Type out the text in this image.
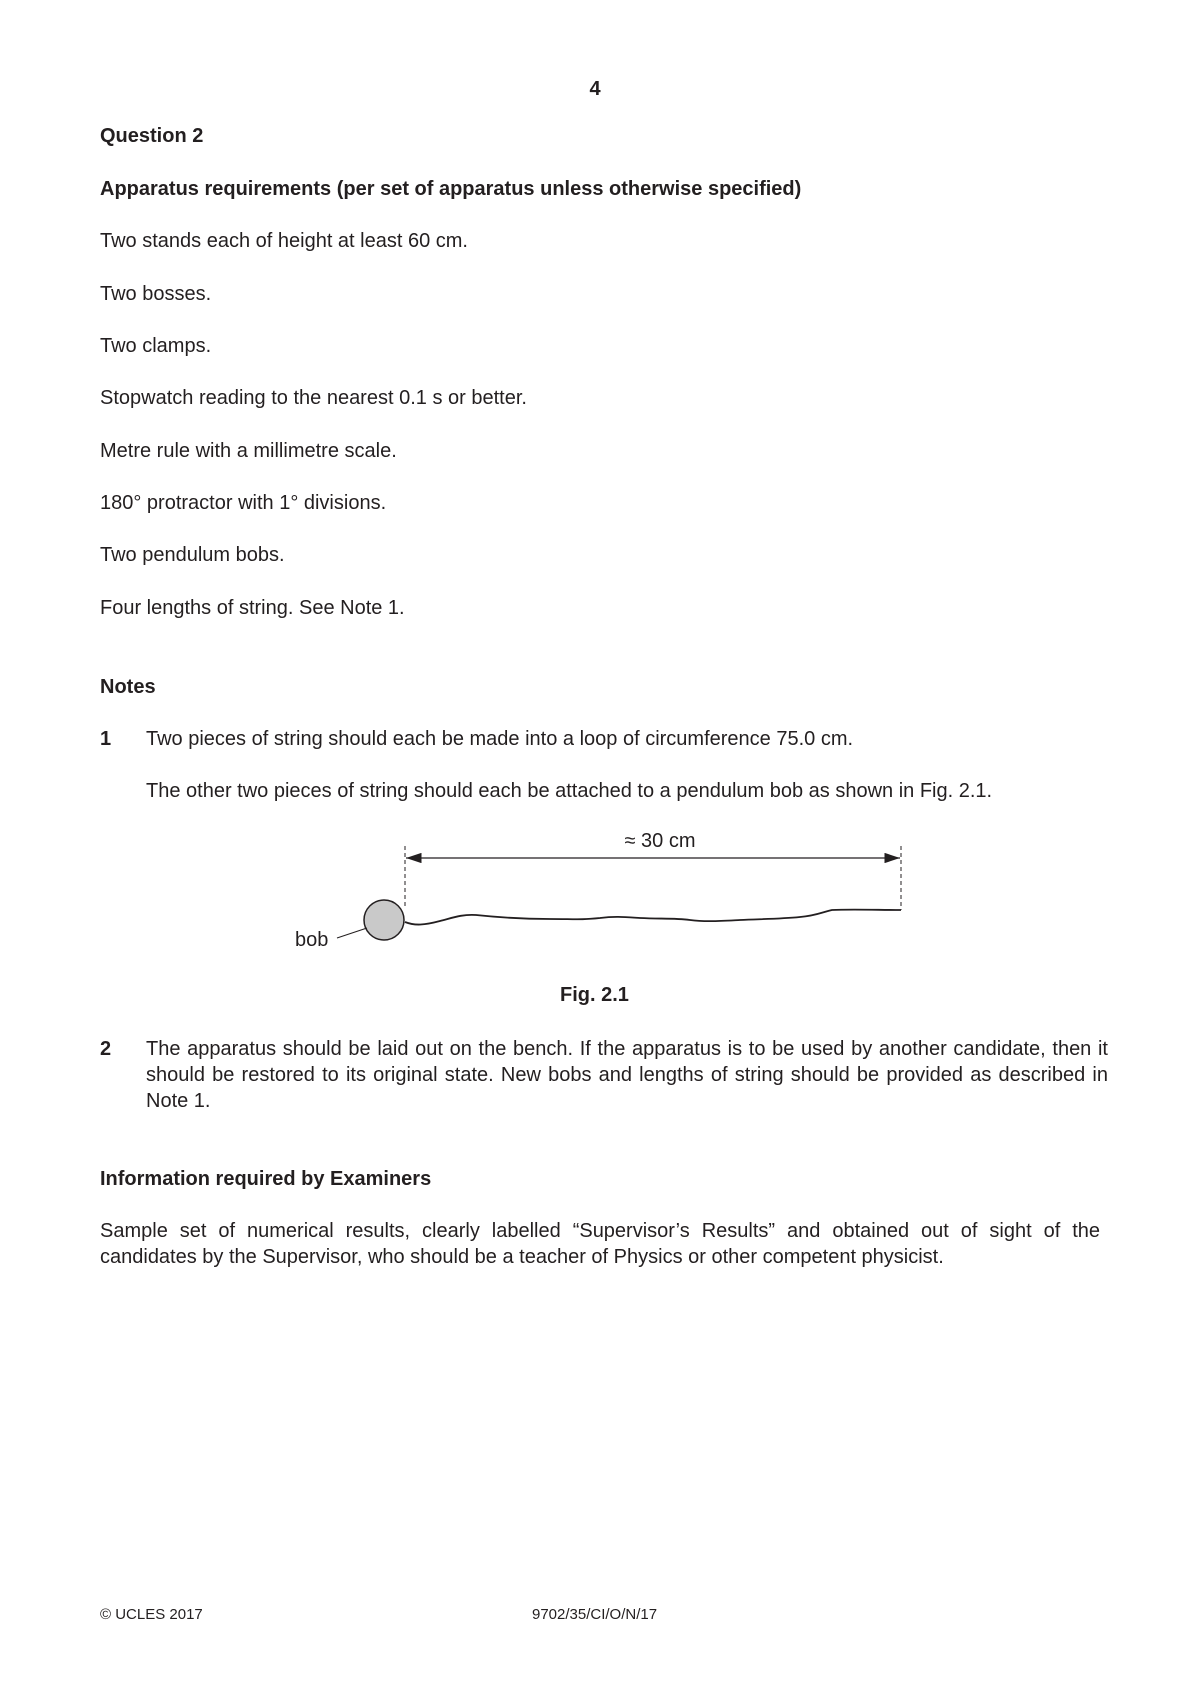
4

Question 2

Apparatus requirements (per set of apparatus unless otherwise specified)

Two stands each of height at least 60 cm.

Two bosses.

Two clamps.

Stopwatch reading to the nearest 0.1 s or better.

Metre rule with a millimetre scale.

180° protractor with 1° divisions.

Two pendulum bobs.

Four lengths of string. See Note 1.

Notes

1 Two pieces of string should each be made into a loop of circumference 75.0 cm.

The other two pieces of string should each be attached to a pendulum bob as shown in Fig. 2.1.

≈ 30 cm
bob

Fig. 2.1

2 The apparatus should be laid out on the bench. If the apparatus is to be used by another candidate, then it should be restored to its original state. New bobs and lengths of string should be provided as described in Note 1.

Information required by Examiners

Sample set of numerical results, clearly labelled “Supervisor’s Results” and obtained out of sight of the candidates by the Supervisor, who should be a teacher of Physics or other competent physicist.

© UCLES 2017	9702/35/CI/O/N/17
